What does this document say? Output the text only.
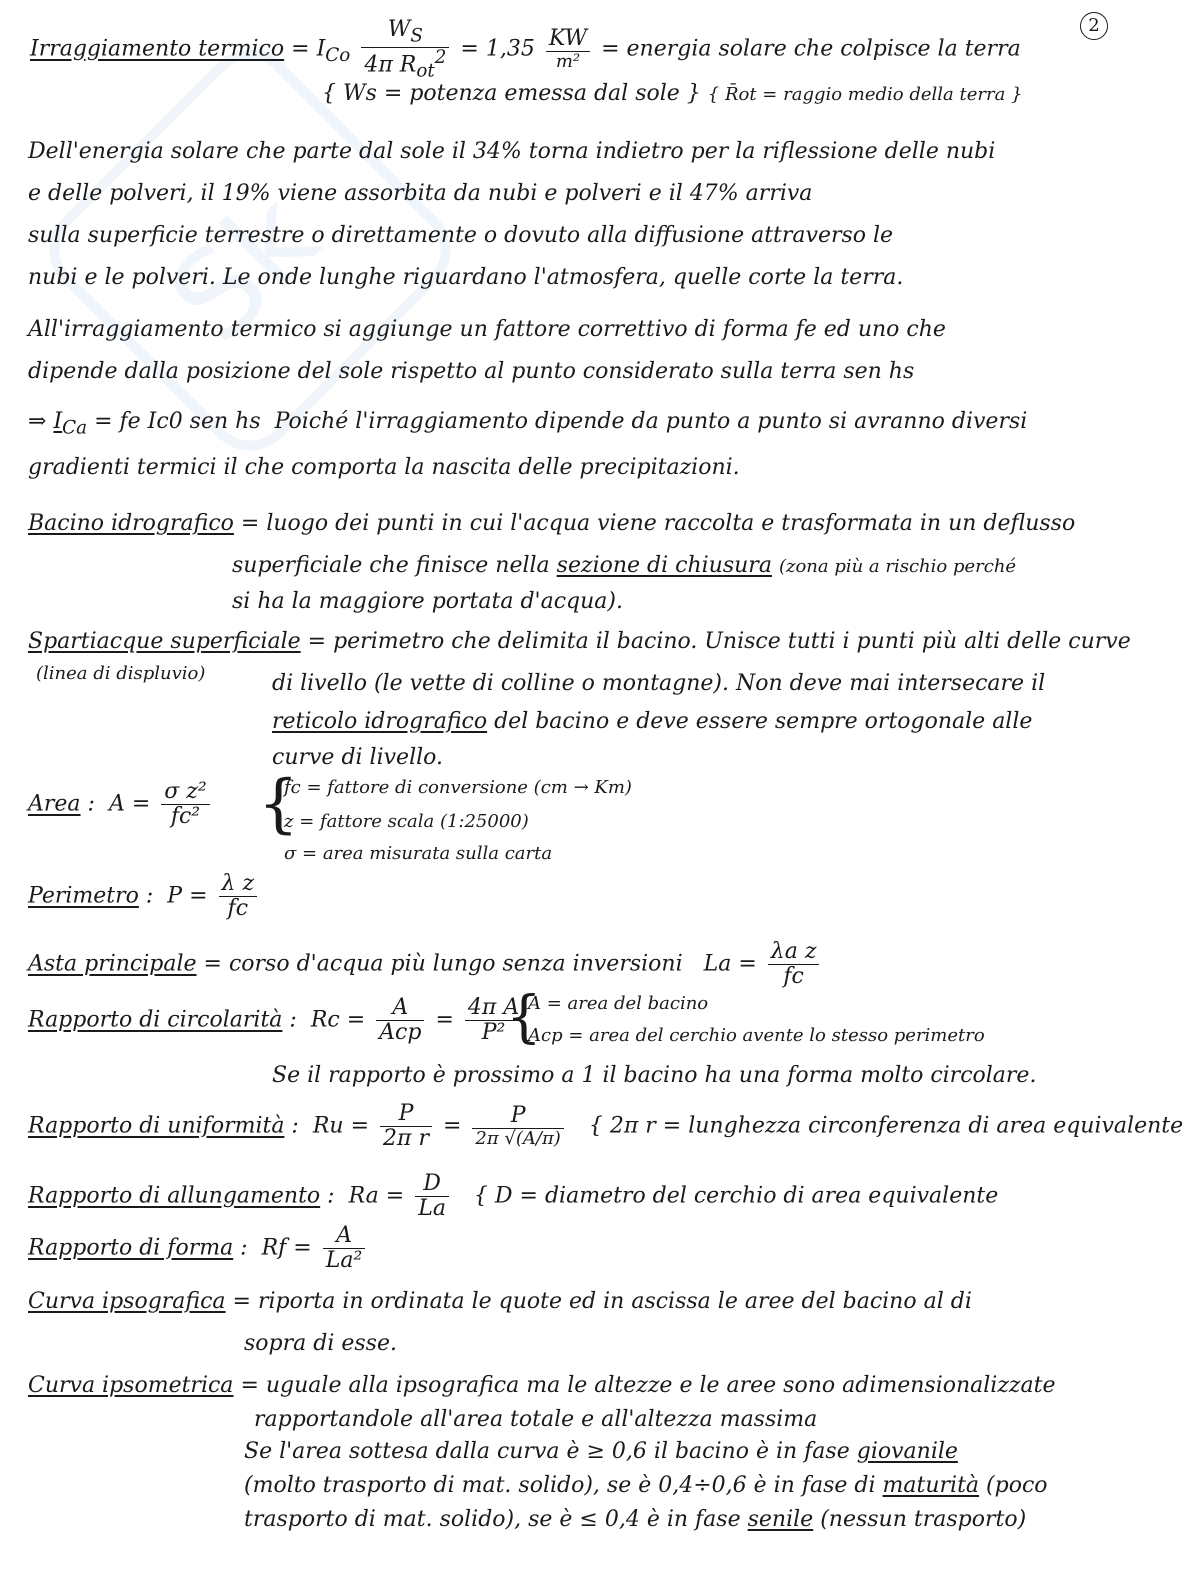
Sk
2
Irraggiamento termico = $I_{Co} \frac{W_S}{4\pi R_{ot}^2} = 1,35 \frac{KW}{\text{m²}}$ = energia solare che colpisce la terra
{ Ws = potenza emessa dal sole } { R̄ot = raggio medio della terra }
Dell'energia solare che parte dal sole il 34% torna indietro per la riflessione delle nubi
e delle polveri, il 19% viene assorbita da nubi e polveri e il 47% arriva
sulla superficie terrestre o direttamente o dovuto alla diffusione attraverso le
nubi e le polveri. Le onde lunghe riguardano l'atmosfera, quelle corte la terra.
All'irraggiamento termico si aggiunge un fattore correttivo di forma fe ed uno che
dipende dalla posizione del sole rispetto al punto considerato sulla terra sen hs
⇒ $I_{Ca}$ = fe Ic0 sen hs Poiché l'irraggiamento dipende da punto a punto si avranno diversi
gradienti termici il che comporta la nascita delle precipitazioni.
Bacino idrografico = luogo dei punti in cui l'acqua viene raccolta e trasformata in un deflusso
superficiale che finisce nella sezione di chiusura (zona più a rischio perché
si ha la maggiore portata d'acqua).
Spartiacque superficiale = perimetro che delimita il bacino. Unisce tutti i punti più alti delle curve
(linea di displuvio)	di livello (le vette di colline o montagne). Non deve mai intersecare il
reticolo idrografico del bacino e deve essere sempre ortogonale alle
curve di livello.
Area :  $A = \frac{\text{σ z²}}{\text{fc²}}$ {
fc = fattore di conversione (cm → Km)
z = fattore scala (1:25000)
σ = area misurata sulla carta
Perimetro :  $P = \frac{\text{λ z}}{fc}$
Asta principale = corso d'acqua più lungo senza inversioni $La = \frac{\text{λa z}}{fc}$
Rapporto di circolarità :  $Rc = \frac{A}{\text{Acp}} = \frac{\text{4π A}}{\text{P²}}$
{
A = area del bacino
Acp = area del cerchio avente lo stesso perimetro
Se il rapporto è prossimo a 1 il bacino ha una forma molto circolare.
Rapporto di uniformità :  $Ru = \frac{P}{\text{2π r}} = \frac{P}{2\pi √(A/\pi)}$ { 2π r = lunghezza circonferenza di area equivalente
Rapporto di allungamento :  $Ra = \frac{D}{La}$ { D = diametro del cerchio di area equivalente
Rapporto di forma :  $Rf = \frac{A}{\text{La²}}$
Curva ipsografica = riporta in ordinata le quote ed in ascissa le aree del bacino al di
sopra di esse.
Curva ipsometrica = uguale alla ipsografica ma le altezze e le aree sono adimensionalizzate
rapportandole all'area totale e all'altezza massima
Se l'area sottesa dalla curva è ≥ 0,6 il bacino è in fase giovanile
(molto trasporto di mat. solido), se è 0,4÷0,6 è in fase di maturità (poco
trasporto di mat. solido), se è ≤ 0,4 è in fase senile (nessun trasporto)
